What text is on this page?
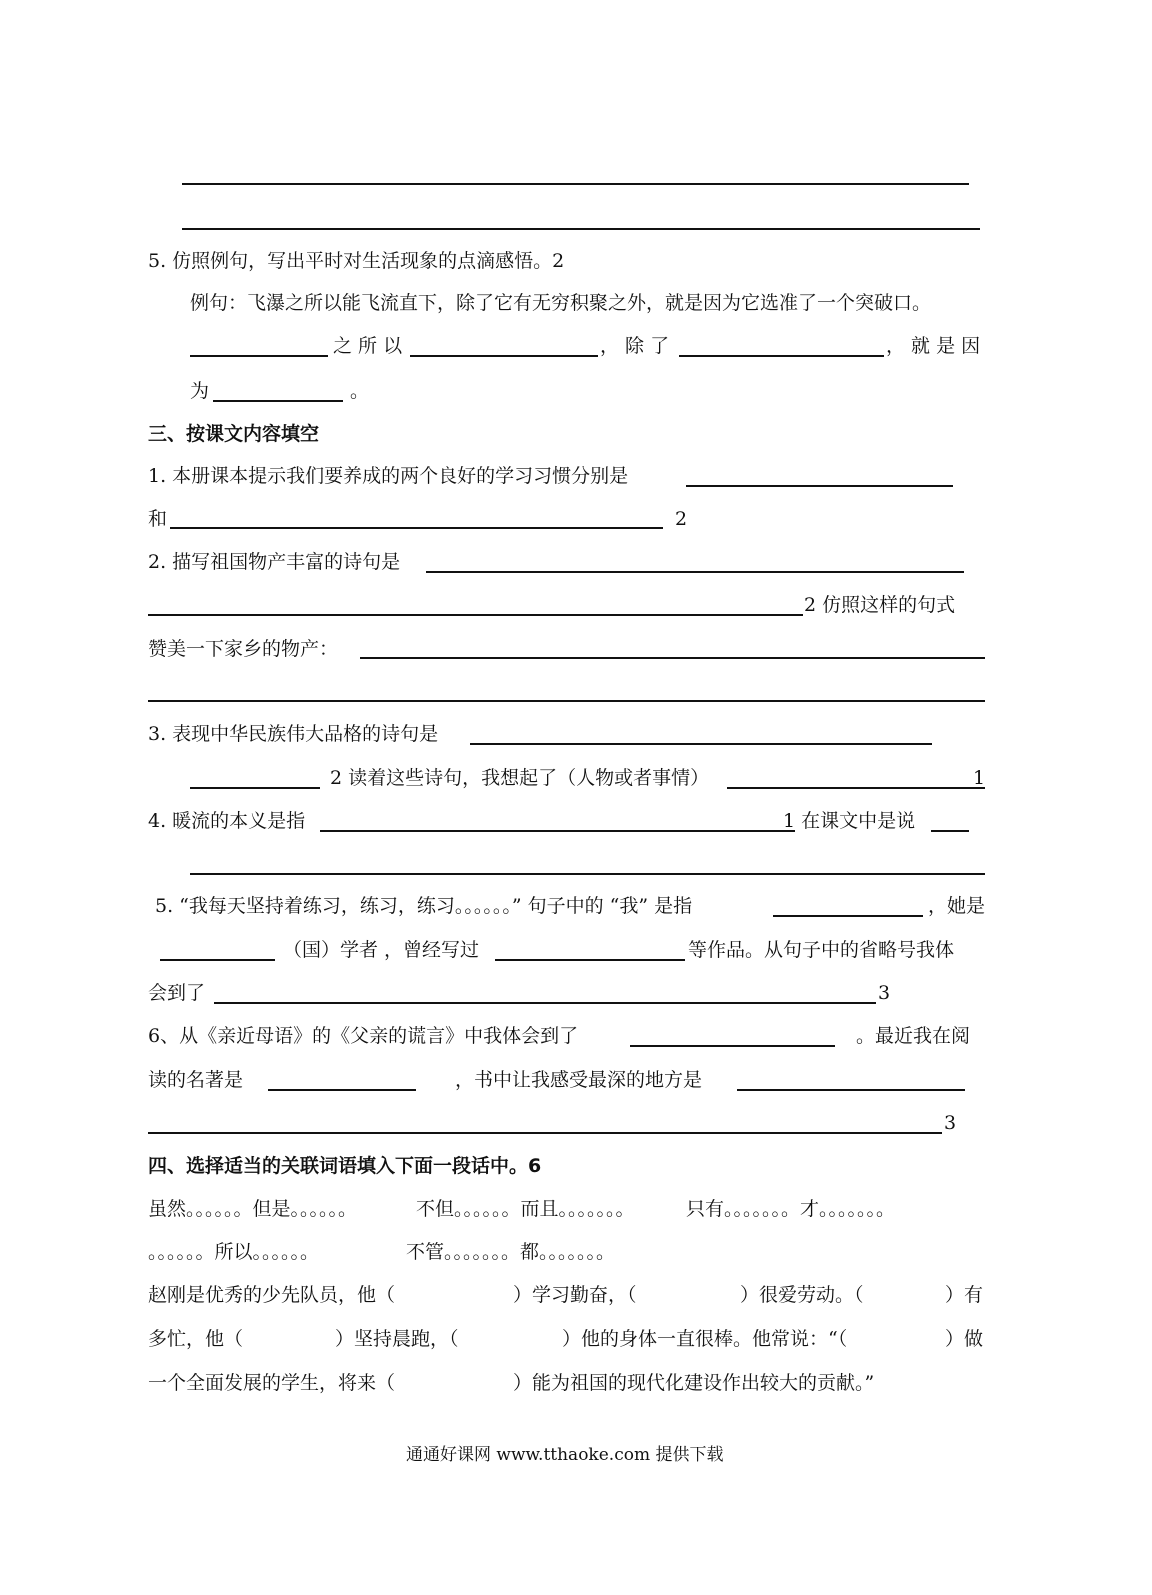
5. 仿照例句，写出平时对生活现象的点滴感悟。2
例句：飞瀑之所以能飞流直下，除了它有无穷积聚之外，就是因为它选准了一个突破口。
之 所 以	， 除 了	， 就 是 因
为	。
三、按课文内容填空
1. 本册课本提示我们要养成的两个良好的学习习惯分别是
和	2
2. 描写祖国物产丰富的诗句是
2 仿照这样的句式
赞美一下家乡的物产：
3. 表现中华民族伟大品格的诗句是
2 读着这些诗句，我想起了（人物或者事情）	1
4. 暖流的本义是指	1 在课文中是说
5. “我每天坚持着练习，练习，练习。。。。。。” 句子中的 “我” 是指	，她是
（国）学者 ，曾经写过	等作品。从句子中的省略号我体
会到了	3
6、从《亲近母语》的《父亲的谎言》中我体会到了	。最近我在阅
读的名著是	，书中让我感受最深的地方是
3
四、选择适当的关联词语填入下面一段话中。6
虽然。。。。。。但是。。。。。。	不但。。。。。。而且。。。。。。。	只有。。。。。。。才。。。。。。。
。。。。。。所以。。。。。。	不管。。。。。。。都。。。。。。。
赵刚是优秀的少先队员，他（	）学习勤奋，（	）很爱劳动。（	）有
多忙，他（	）坚持晨跑，（	）他的身体一直很棒。他常说：“（	）做
一个全面发展的学生，将来（	）能为祖国的现代化建设作出较大的贡献。”
通通好课网 www.tthaoke.com 提供下载
